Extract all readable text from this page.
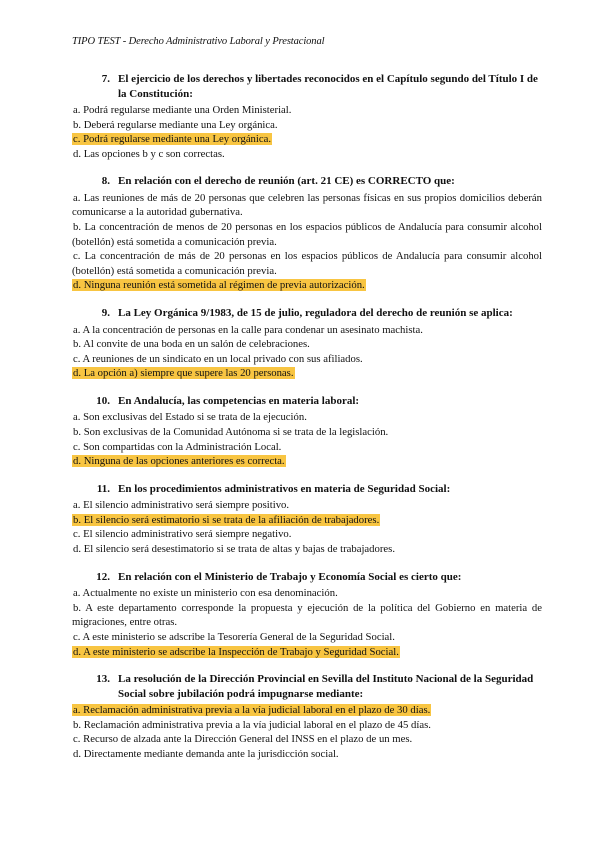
TIPO TEST - Derecho Administrativo Laboral y Prestacional
7. El ejercicio de los derechos y libertades reconocidos en el Capítulo segundo del Título I de la Constitución:
a. Podrá regularse mediante una Orden Ministerial.
b. Deberá regularse mediante una Ley orgánica.
c. Podrá regularse mediante una Ley orgánica.
d. Las opciones b y c son correctas.
8. En relación con el derecho de reunión (art. 21 CE) es CORRECTO que:
a. Las reuniones de más de 20 personas que celebren las personas físicas en sus propios domicilios deberán comunicarse a la autoridad gubernativa.
b. La concentración de menos de 20 personas en los espacios públicos de Andalucía para consumir alcohol (botellón) está sometida a comunicación previa.
c. La concentración de más de 20 personas en los espacios públicos de Andalucía para consumir alcohol (botellón) está sometida a comunicación previa.
d. Ninguna reunión está sometida al régimen de previa autorización.
9. La Ley Orgánica 9/1983, de 15 de julio, reguladora del derecho de reunión se aplica:
a. A la concentración de personas en la calle para condenar un asesinato machista.
b. Al convite de una boda en un salón de celebraciones.
c. A reuniones de un sindicato en un local privado con sus afiliados.
d. La opción a) siempre que supere las 20 personas.
10. En Andalucía, las competencias en materia laboral:
a. Son exclusivas del Estado si se trata de la ejecución.
b. Son exclusivas de la Comunidad Autónoma si se trata de la legislación.
c. Son compartidas con la Administración Local.
d. Ninguna de las opciones anteriores es correcta.
11. En los procedimientos administrativos en materia de Seguridad Social:
a. El silencio administrativo será siempre positivo.
b. El silencio será estimatorio si se trata de la afiliación de trabajadores.
c. El silencio administrativo será siempre negativo.
d. El silencio será desestimatorio si se trata de altas y bajas de trabajadores.
12. En relación con el Ministerio de Trabajo y Economía Social es cierto que:
a. Actualmente no existe un ministerio con esa denominación.
b. A este departamento corresponde la propuesta y ejecución de la política del Gobierno en materia de migraciones, entre otras.
c. A este ministerio se adscribe la Tesorería General de la Seguridad Social.
d. A este ministerio se adscribe la Inspección de Trabajo y Seguridad Social.
13. La resolución de la Dirección Provincial en Sevilla del Instituto Nacional de la Seguridad Social sobre jubilación podrá impugnarse mediante:
a. Reclamación administrativa previa a la vía judicial laboral en el plazo de 30 días.
b. Reclamación administrativa previa a la vía judicial laboral en el plazo de 45 días.
c. Recurso de alzada ante la Dirección General del INSS en el plazo de un mes.
d. Directamente mediante demanda ante la jurisdicción social.
